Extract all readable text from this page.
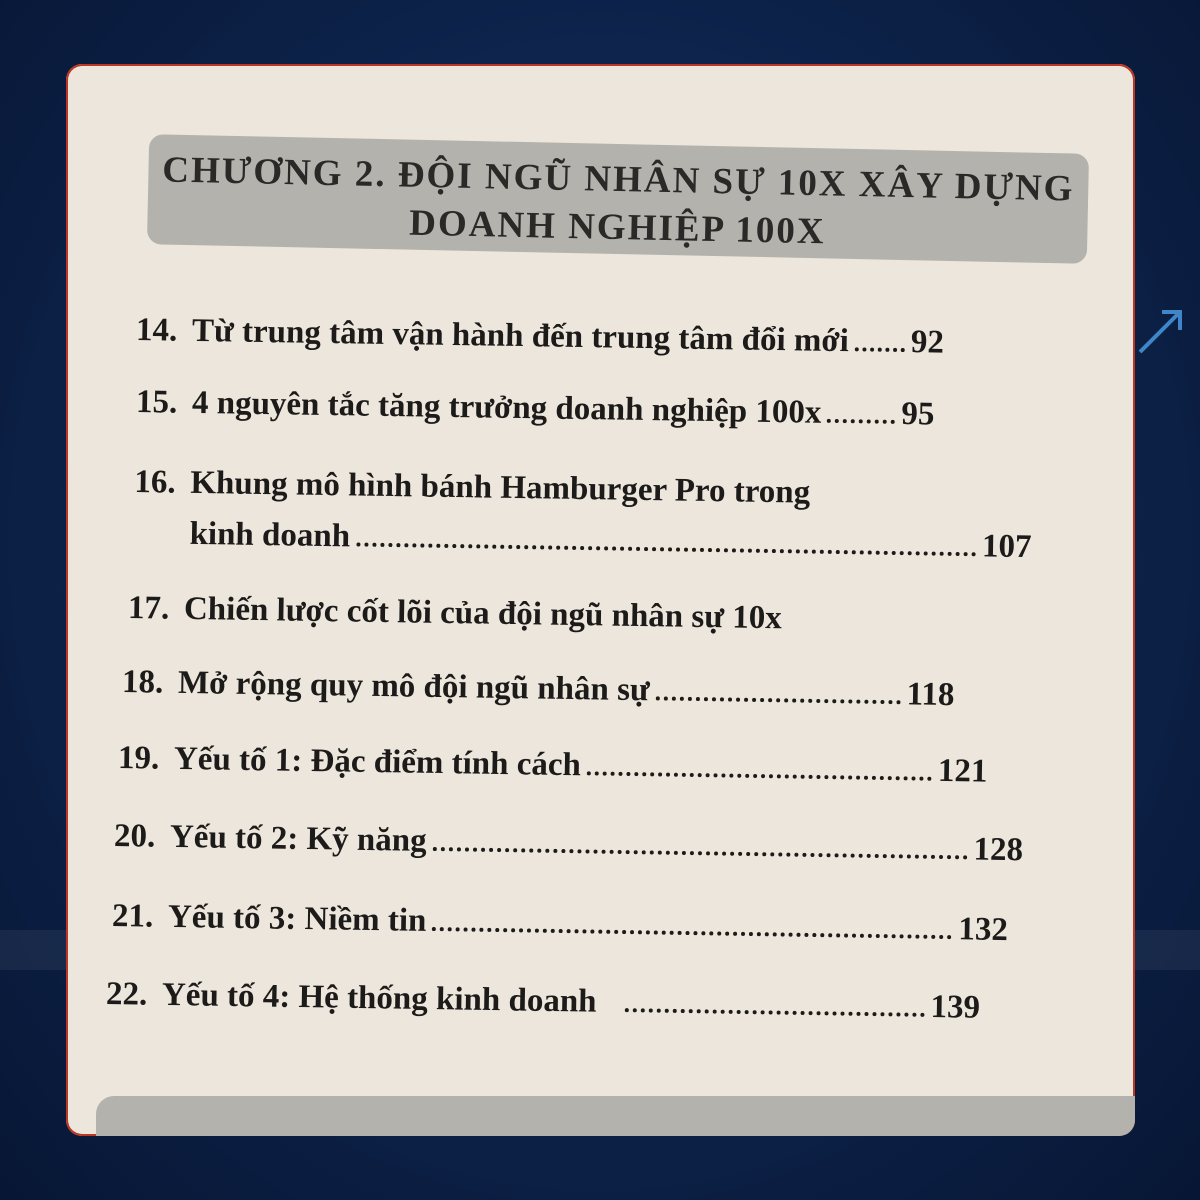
CHƯƠNG 2. ĐỘI NGŨ NHÂN SỰ 10X XÂY DỰNG
DOANH NGHIỆP 100X
14. Từ trung tâm vận hành đến trung tâm đổi mới 92
15. 4 nguyên tắc tăng trưởng doanh nghiệp 100x 95
16. Khung mô hình bánh Hamburger Pro trong
kinh doanh	107
17. Chiến lược cốt lõi của đội ngũ nhân sự 10x
18. Mở rộng quy mô đội ngũ nhân sự	118
19. Yếu tố 1: Đặc điểm tính cách	121
20. Yếu tố 2: Kỹ năng	128
21. Yếu tố 3: Niềm tin	132
22. Yếu tố 4: Hệ thống kinh doanh	139
